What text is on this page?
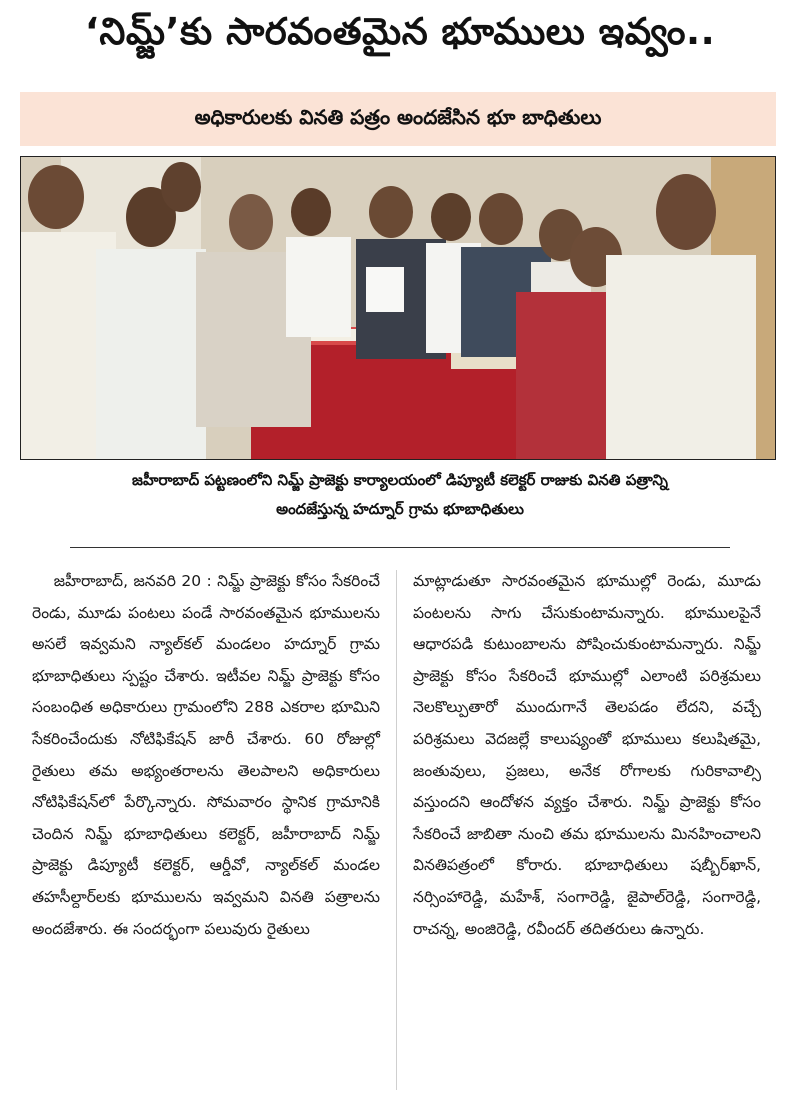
‘నిమ్జ్’కు సారవంతమైన భూములు ఇవ్వం..
అధికారులకు వినతి పత్రం అందజేసిన భూ బాధితులు
జహీరాబాద్ పట్టణంలోని నిమ్జ్ ప్రాజెక్టు కార్యాలయంలో డిప్యూటీ కలెక్టర్ రాజుకు వినతి పత్రాన్ని
అందజేస్తున్న హద్నూర్ గ్రామ భూబాధితులు

జహీరాబాద్, జనవరి 20 : నిమ్జ్ ప్రాజెక్టు కోసం సేకరించే రెండు, మూడు పంటలు పండే సారవంతమైన భూములను అసలే ఇవ్వమని న్యాల్‌కల్ మండలం హద్నూర్ గ్రామ భూబాధితులు స్పష్టం చేశారు. ఇటీవల నిమ్జ్ ప్రాజెక్టు కోసం సంబంధిత అధికారులు గ్రామంలోని 288 ఎకరాల భూమిని సేకరించేందుకు నోటిఫికేషన్ జారీ చేశారు. 60 రోజుల్లో రైతులు తమ అభ్యంతరాలను తెలపాలని అధికారులు నోటిఫికేషన్‌లో పేర్కొన్నారు. సోమవారం స్థానిక గ్రామానికి చెందిన నిమ్జ్ భూబాధితులు కలెక్టర్, జహీరాబాద్ నిమ్జ్ ప్రాజెక్టు డిప్యూటీ కలెక్టర్, ఆర్డీవో, న్యాల్‌కల్ మండల తహసీల్దార్‌లకు భూములను ఇవ్వమని వినతి పత్రాలను అందజేశారు. ఈ సందర్భంగా పలువురు రైతులు

మాట్లాడుతూ సారవంతమైన భూముల్లో రెండు, మూడు పంటలను సాగు చేసుకుంటామన్నారు. భూములపైనే ఆధారపడి కుటుంబాలను పోషించుకుంటామన్నారు. నిమ్జ్ ప్రాజెక్టు కోసం సేకరించే భూముల్లో ఎలాంటి పరిశ్రమలు నెలకొల్పుతారో ముందుగానే తెలపడం లేదని, వచ్చే పరిశ్రమలు వెదజల్లే కాలుష్యంతో భూములు కలుషితమై, జంతువులు, ప్రజలు, అనేక రోగాలకు గురికావాల్సి వస్తుందని ఆందోళన వ్యక్తం చేశారు. నిమ్జ్ ప్రాజెక్టు కోసం సేకరించే జాబితా నుంచి తమ భూములను మినహించాలని వినతిపత్రంలో కోరారు. భూబాధితులు షబ్బీర్‌ఖాన్, నర్సింహారెడ్డి, మహేశ్, సంగారెడ్డి, జైపాల్‌రెడ్డి, సంగారెడ్డి, రాచన్న, అంజిరెడ్డి, రవీందర్ తదితరులు ఉన్నారు.
